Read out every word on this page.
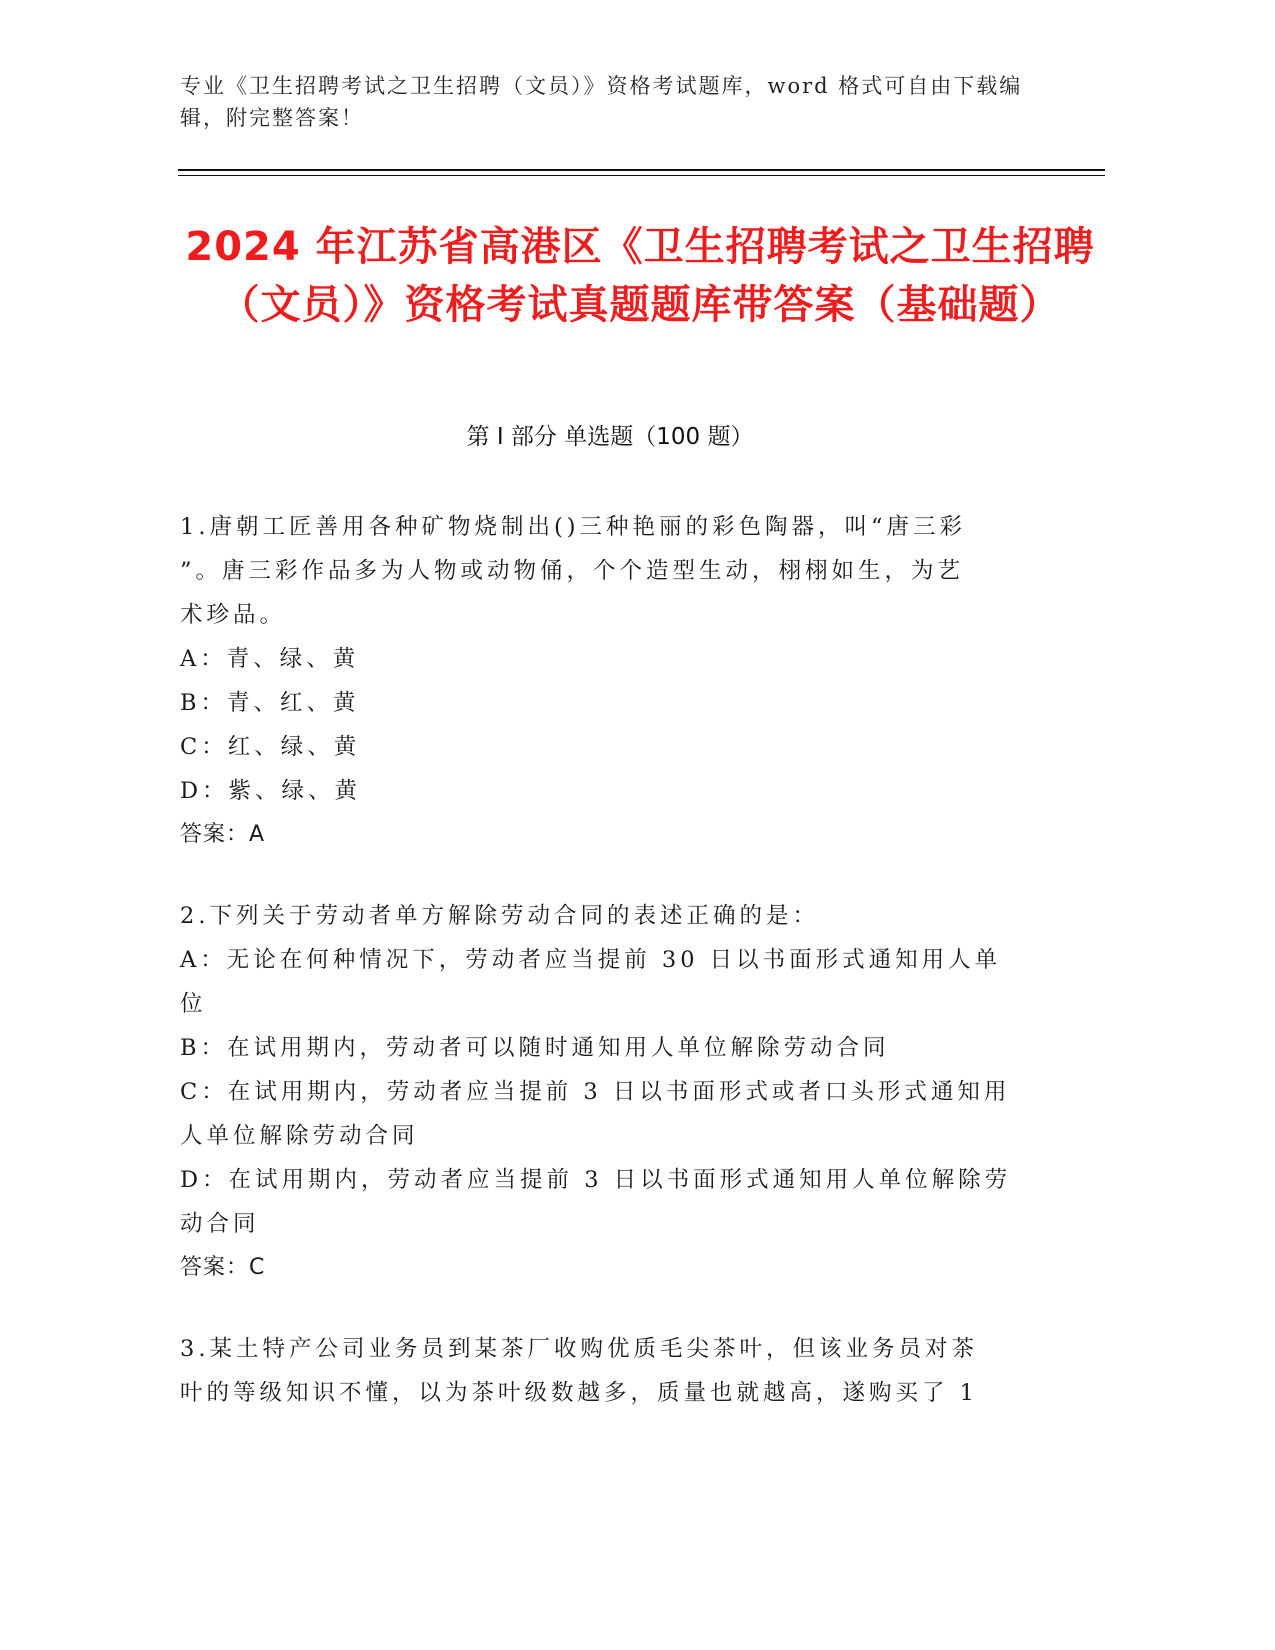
专业《卫生招聘考试之卫生招聘（文员）》资格考试题库，word 格式可自由下载编辑，附完整答案！
2024 年江苏省高港区《卫生招聘考试之卫生招聘（文员）》资格考试真题题库带答案（基础题）
第 I 部分 单选题（100 题）
1.唐朝工匠善用各种矿物烧制出()三种艳丽的彩色陶器，叫“唐三彩
”。唐三彩作品多为人物或动物俑，个个造型生动，栩栩如生，为艺
术珍品。
A：青、绿、黄
B：青、红、黄
C：红、绿、黄
D：紫、绿、黄
答案：A
2.下列关于劳动者单方解除劳动合同的表述正确的是：
A：无论在何种情况下，劳动者应当提前 30 日以书面形式通知用人单
位
B：在试用期内，劳动者可以随时通知用人单位解除劳动合同
C：在试用期内，劳动者应当提前 3 日以书面形式或者口头形式通知用
人单位解除劳动合同
D：在试用期内，劳动者应当提前 3 日以书面形式通知用人单位解除劳
动合同
答案：C
3.某土特产公司业务员到某茶厂收购优质毛尖茶叶，但该业务员对茶
叶的等级知识不懂，以为茶叶级数越多，质量也就越高，遂购买了 1
